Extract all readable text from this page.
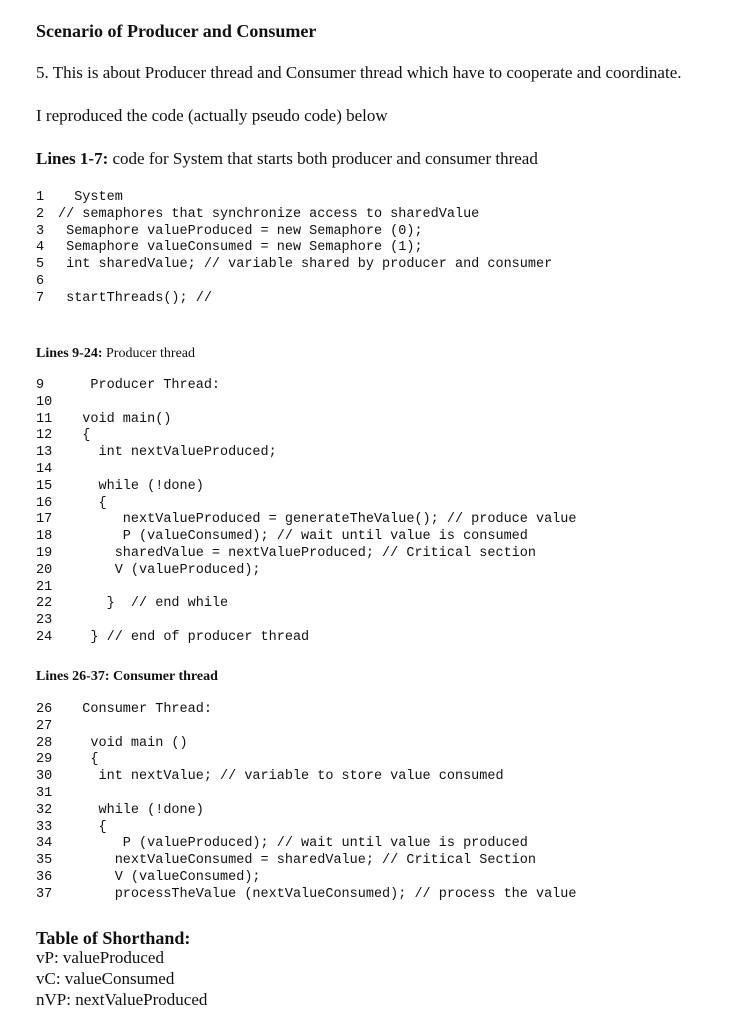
Scenario of Producer and Consumer

5. This is about Producer thread and Consumer thread which have to cooperate and coordinate.

I reproduced the code (actually pseudo code) below

Lines 1-7: code for System that starts both producer and consumer thread

1  System
2 // semaphores that synchronize access to sharedValue
3 Semaphore valueProduced = new Semaphore (0);
4 Semaphore valueConsumed = new Semaphore (1);
5 int sharedValue; // variable shared by producer and consumer
6
7 startThreads(); //

Lines 9-24: Producer thread

9    Producer Thread:
10
11   void main()
12   {
13     int nextValueProduced;
14
15     while (!done)
16     {
17        nextValueProduced = generateTheValue(); // produce value
18        P (valueConsumed); // wait until value is consumed
19       sharedValue = nextValueProduced; // Critical section
20       V (valueProduced);
21
22      }  // end while
23
24    } // end of producer thread

Lines 26-37: Consumer thread

26   Consumer Thread:
27
28    void main ()
29    {
30     int nextValue; // variable to store value consumed
31
32     while (!done)
33     {
34        P (valueProduced); // wait until value is produced
35       nextValueConsumed = sharedValue; // Critical Section
36       V (valueConsumed);
37       processTheValue (nextValueConsumed); // process the value
Table of Shorthand:

vP: valueProduced

vC: valueConsumed

nVP: nextValueProduced
